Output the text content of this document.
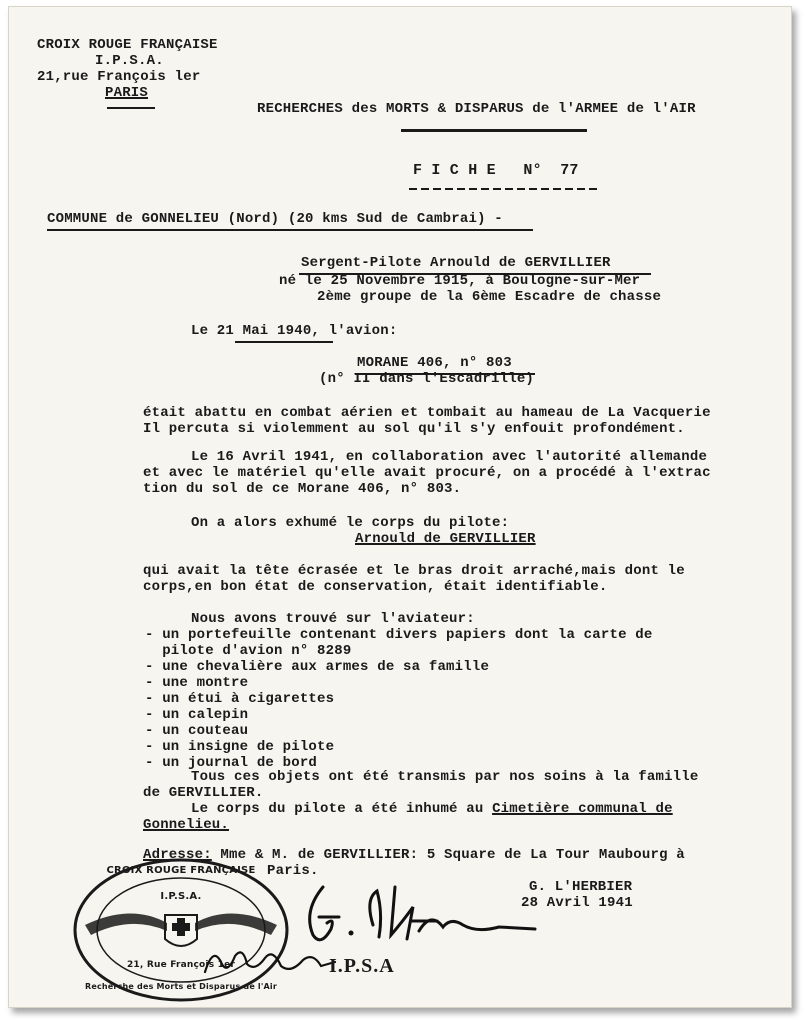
CROIX ROUGE FRANÇAISE
I.P.S.A.
21,rue François ler
PARIS
RECHERCHES des MORTS & DISPARUS de l'ARMEE de l'AIR
F I C H E   N°  77
COMMUNE de GONNELIEU (Nord) (20 kms Sud de Cambrai) -
Sergent-Pilote Arnould de GERVILLIER
né le 25 Novembre 1915, à Boulogne-sur-Mer
2ème groupe de la 6ème Escadre de chasse
Le 21 Mai 1940, l'avion:
MORANE 406, n° 803
(n° II dans l'Escadrille)
était abattu en combat aérien et tombait au hameau de La Vacquerie
Il percuta si violemment au sol qu'il s'y enfouit profondément.
Le 16 Avril 1941, en collaboration avec l'autorité allemande
et avec le matériel qu'elle avait procuré, on a procédé à l'extrac
tion du sol de ce Morane 406, n° 803.
On a alors exhumé le corps du pilote:
Arnould de GERVILLIER
qui avait la tête écrasée et le bras droit arraché,mais dont le
corps,en bon état de conservation, était identifiable.
Nous avons trouvé sur l'aviateur:
- un portefeuille contenant divers papiers dont la carte de
pilote d'avion n° 8289
- une chevalière aux armes de sa famille
- une montre
- un étui à cigarettes
- un calepin
- un couteau
- un insigne de pilote
- un journal de bord
Tous ces objets ont été transmis par nos soins à la famille
de GERVILLIER.
Le corps du pilote a été inhumé au Cimetière communal de
Gonnelieu.
Adresse: Mme & M. de GERVILLIER: 5 Square de La Tour Maubourg à
Paris.
G. L'HERBIER
28 Avril 1941
CROIX ROUGE FRANÇAISE
I.P.S.A.
21, Rue François 1er
Recherche des Morts et Disparus de l'Air
I.P.S.A
